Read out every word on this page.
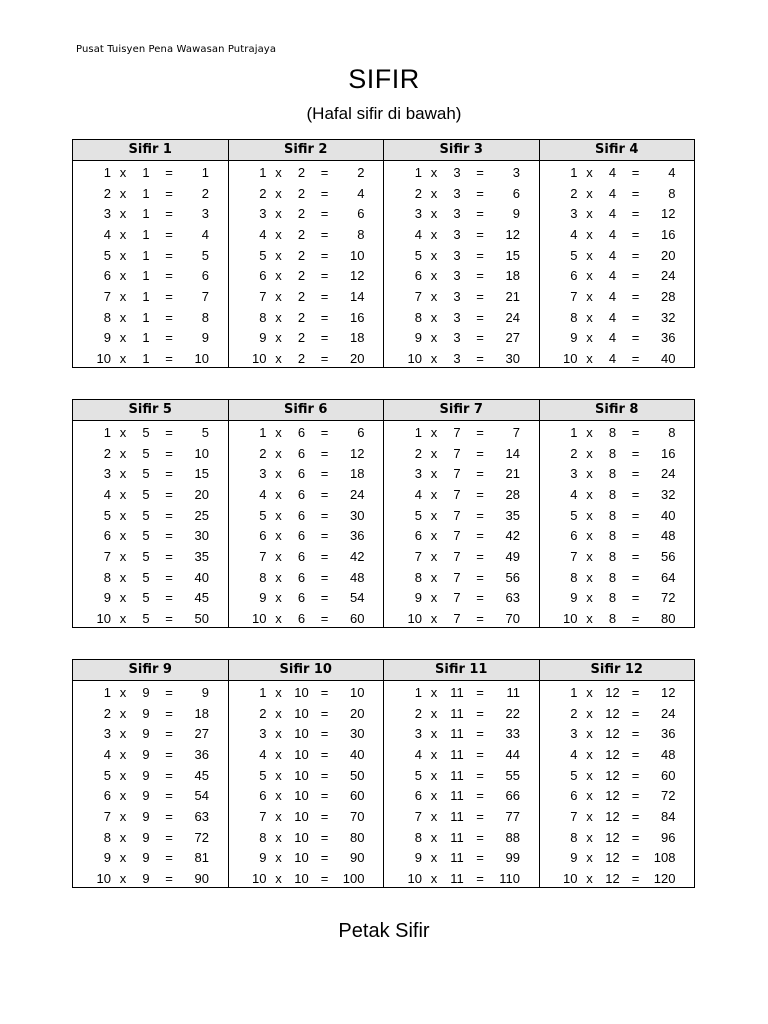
Pusat Tuisyen Pena Wawasan Putrajaya
SIFIR
(Hafal sifir di bawah)
Sifir 1
1 x	1	=	1
2 x	1	=	2
3 x	1	=	3
4 x	1	=	4
5 x	1	=	5
6 x	1	=	6
7 x	1	=	7
8 x	1	=	8
9 x	1	=	9
10 x	1	=	10
Sifir 2
1 x	2	=	2
2 x	2	=	4
3 x	2	=	6
4 x	2	=	8
5 x	2	=	10
6 x	2	=	12
7 x	2	=	14
8 x	2	=	16
9 x	2	=	18
10 x	2	=	20
Sifir 3
1 x	3	=	3
2 x	3	=	6
3 x	3	=	9
4 x	3	=	12
5 x	3	=	15
6 x	3	=	18
7 x	3	=	21
8 x	3	=	24
9 x	3	=	27
10 x	3	=	30
Sifir 4
1 x	4	=	4
2 x	4	=	8
3 x	4	=	12
4 x	4	=	16
5 x	4	=	20
6 x	4	=	24
7 x	4	=	28
8 x	4	=	32
9 x	4	=	36
10 x	4	=	40
Sifir 5
1 x	5	=	5
2 x	5	=	10
3 x	5	=	15
4 x	5	=	20
5 x	5	=	25
6 x	5	=	30
7 x	5	=	35
8 x	5	=	40
9 x	5	=	45
10 x	5	=	50
Sifir 6
1 x	6	=	6
2 x	6	=	12
3 x	6	=	18
4 x	6	=	24
5 x	6	=	30
6 x	6	=	36
7 x	6	=	42
8 x	6	=	48
9 x	6	=	54
10 x	6	=	60
Sifir 7
1 x	7	=	7
2 x	7	=	14
3 x	7	=	21
4 x	7	=	28
5 x	7	=	35
6 x	7	=	42
7 x	7	=	49
8 x	7	=	56
9 x	7	=	63
10 x	7	=	70
Sifir 8
1 x	8	=	8
2 x	8	=	16
3 x	8	=	24
4 x	8	=	32
5 x	8	=	40
6 x	8	=	48
7 x	8	=	56
8 x	8	=	64
9 x	8	=	72
10 x	8	=	80
Sifir 9
1 x	9	=	9
2 x	9	=	18
3 x	9	=	27
4 x	9	=	36
5 x	9	=	45
6 x	9	=	54
7 x	9	=	63
8 x	9	=	72
9 x	9	=	81
10 x	9	=	90
Sifir 10
1 x 10 =	10
2 x 10 =	20
3 x 10 =	30
4 x 10 =	40
5 x 10 =	50
6 x 10 =	60
7 x 10 =	70
8 x 10 =	80
9 x 10 =	90
10 x 10 =	100
Sifir 11
1 x	11 =	11
2 x	11 =	22
3 x	11 =	33
4 x	11 =	44
5 x	11 =	55
6 x	11 =	66
7 x	11 =	77
8 x	11 =	88
9 x	11 =	99
10 x	11 =	110
Sifir 12
1 x 12 =	12
2 x 12 =	24
3 x 12 =	36
4 x 12 =	48
5 x 12 =	60
6 x 12 =	72
7 x 12 =	84
8 x 12 =	96
9 x 12 =	108
10 x 12 =	120
Petak Sifir
